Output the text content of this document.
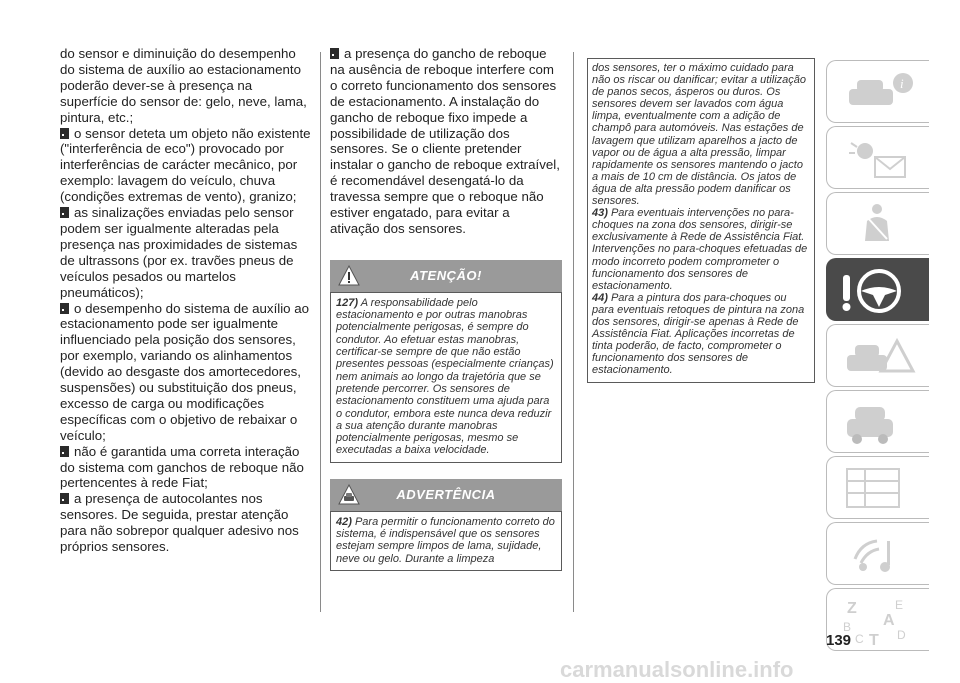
do sensor e diminuição do desempenho do sistema de auxílio ao estacionamento poderão dever-se à presença na superfície do sensor de: gelo, neve, lama, pintura, etc.;

o sensor deteta um objeto não existente ("interferência de eco") provocado por interferências de carácter mecânico, por exemplo: lavagem do veículo, chuva (condições extremas de vento), granizo;

as sinalizações enviadas pelo sensor podem ser igualmente alteradas pela presença nas proximidades de sistemas de ultrassons (por ex. travões pneus de veículos pesados ou martelos pneumáticos);

o desempenho do sistema de auxílio ao estacionamento pode ser igualmente influenciado pela posição dos sensores, por exemplo, variando os alinhamentos (devido ao desgaste dos amortecedores, suspensões) ou substituição dos pneus, excesso de carga ou modificações específicas com o objetivo de rebaixar o veículo;

não é garantida uma correta interação do sistema com ganchos de reboque não pertencentes à rede Fiat;

a presença de autocolantes nos sensores. De seguida, prestar atenção para não sobrepor qualquer adesivo nos próprios sensores.

a presença do gancho de reboque na ausência de reboque interfere com o correto funcionamento dos sensores de estacionamento. A instalação do gancho de reboque fixo impede a possibilidade de utilização dos sensores. Se o cliente pretender instalar o gancho de reboque extraível, é recomendável desengatá-lo da travessa sempre que o reboque não estiver engatado, para evitar a ativação dos sensores.

ATENÇÃO!

127) A responsabilidade pelo estacionamento e por outras manobras potencialmente perigosas, é sempre do condutor. Ao efetuar estas manobras, certificar-se sempre de que não estão presentes pessoas (especialmente crianças) nem animais ao longo da trajetória que se pretende percorrer. Os sensores de estacionamento constituem uma ajuda para o condutor, embora este nunca deva reduzir a sua atenção durante manobras potencialmente perigosas, mesmo se executadas a baixa velocidade.

ADVERTÊNCIA

42) Para permitir o funcionamento correto do sistema, é indispensável que os sensores estejam sempre limpos de lama, sujidade, neve ou gelo. Durante a limpeza

dos sensores, ter o máximo cuidado para não os riscar ou danificar; evitar a utilização de panos secos, ásperos ou duros. Os sensores devem ser lavados com água limpa, eventualmente com a adição de champô para automóveis. Nas estações de lavagem que utilizam aparelhos a jacto de vapor ou de água a alta pressão, limpar rapidamente os sensores mantendo o jacto a mais de 10 cm de distância. Os jatos de água de alta pressão podem danificar os sensores.

43) Para eventuais intervenções no para-choques na zona dos sensores, dirigir-se exclusivamente à Rede de Assistência Fiat. Intervenções no para-choques efetuadas de modo incorreto podem comprometer o funcionamento dos sensores de estacionamento.

44) Para a pintura dos para-choques ou para eventuais retoques de pintura na zona dos sensores, dirigir-se apenas à Rede de Assistência Fiat. Aplicações incorretas de tinta poderão, de facto, comprometer o funcionamento dos sensores de estacionamento.

i
Z	E
A
B
C T D
139
carmanualsonline.info
